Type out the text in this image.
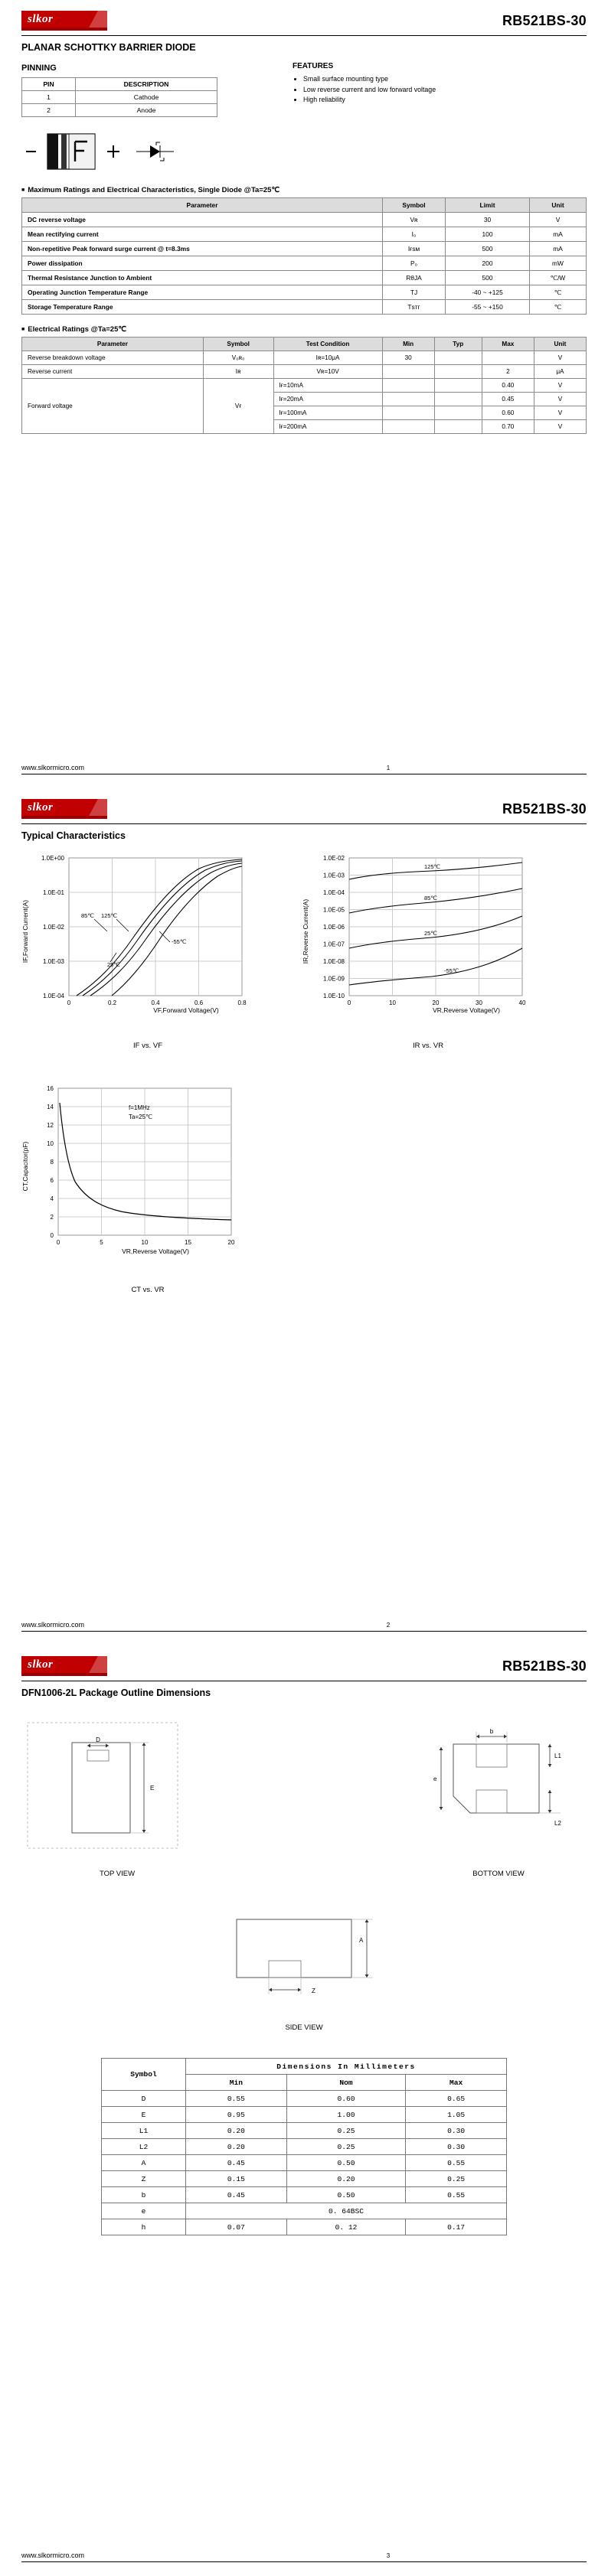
slkor	RB521BS-30
PLANAR SCHOTTKY BARRIER DIODE
PINNING
PIN	DESCRIPTION
1	Cathode
2	Anode
FEATURES
• Small surface mounting type
• Low reverse current and low forward voltage
• High reliability
■ Maximum Ratings and Electrical Characteristics, Single Diode @Ta=25℃
Parameter	Symbol	Limit	Unit
DC reverse voltage	Vʀ	30	V
Mean rectifying current	I₀	100	mA
Non-repetitive Peak forward surge current @ t=8.3ms	Iғѕм	500	mA
Power dissipation	P₀	200	mW
Thermal Resistance Junction to Ambient	RθЈА	500	℃/W
Operating Junction Temperature Range	TЈ	-40 ~ +125	℃
Storage Temperature Range	Tѕтг	-55 ~ +150	℃
■ Electrical Ratings @Ta=25℃
Parameter	Symbol	Test Condition	Min	Typ	Max	Unit
Reverse breakdown voltage	V₀ʀ₀	Iʀ=10μA	30			V
Reverse current	Iʀ	Vʀ=10V			2	μA
Forward voltage	Vғ	Iғ=10mA			0.40	V
		Iғ=20mA			0.45	V
		Iғ=100mA			0.60	V
		Iғ=200mA			0.70	V
www.slkormicro.com	1
slkor	RB521BS-30
Typical Characteristics
1.0E+00
1.0E-01
1.0E-02
1.0E-03
1.0E-04
0	0.2	0.4	0.6	0.8
IF,Forward Current(A)
VF,Forward Voltage(V)
85℃ 125℃
-55℃
25℃
IF vs. VF
1.0E-02
1.0E-03
1.0E-04
1.0E-05
1.0E-06
1.0E-07
1.0E-08
1.0E-09
1.0E-10
0	10	20	30	40
IR,Reverse Current(A)
VR,Reverse Voltage(V)
125℃
85℃
25℃
-55℃
IR vs. VR
16
14
12
10
8
6
4
2
0
0	5	10	15	20
CT,Capacitor(pF)
VR,Reverse Voltage(V)
f=1MHz
Ta=25℃
CT vs. VR
www.slkormicro.com	2
slkor	RB521BS-30
DFN1006-2L Package Outline Dimensions
D
E
TOP VIEW
b
e
L1
L2
BOTTOM VIEW
A
Z
SIDE VIEW
Symbol	Dimensions In Millimeters		
	Min	Nom	Max
D	0.55	0.60	0.65
E	0.95	1.00	1.05
L1	0.20	0.25	0.30
L2	0.20	0.25	0.30
A	0.45	0.50	0.55
Z	0.15	0.20	0.25
b	0.45	0.50	0.55
e	0. 64BSC		
h	0.07	0. 12	0.17
www.slkormicro.com	3
